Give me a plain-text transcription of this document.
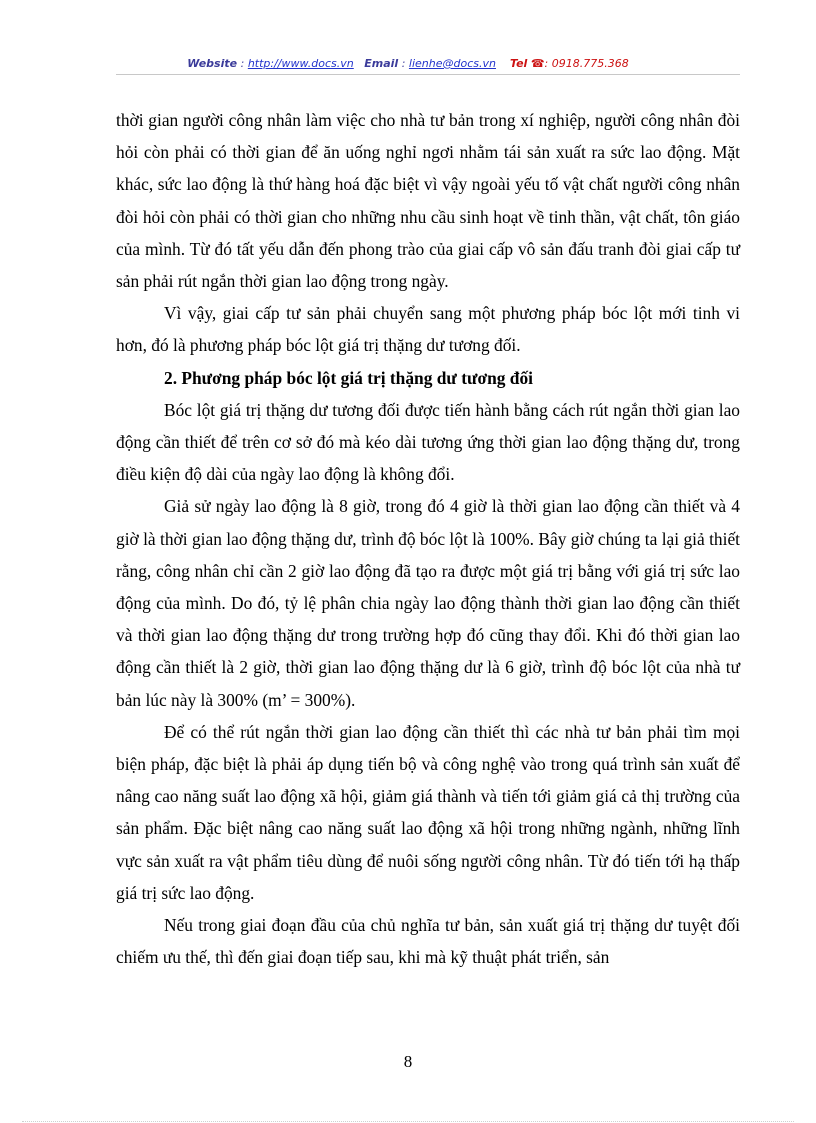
Website : http://www.docs.vn Email : lienhe@docs.vn Tel ☎: 0918.775.368

thời gian người công nhân làm việc cho nhà tư bản trong xí nghiệp, người công nhân đòi hỏi còn phải có thời gian để ăn uống nghỉ ngơi nhằm tái sản xuất ra sức lao động. Mặt khác, sức lao động là thứ hàng hoá đặc biệt vì vậy ngoài yếu tố vật chất người công nhân đòi hỏi còn phải có thời gian cho những nhu cầu sinh hoạt về tinh thần, vật chất, tôn giáo của mình. Từ đó tất yếu dẫn đến phong trào của giai cấp vô sản đấu tranh đòi giai cấp tư sản phải rút ngắn thời gian lao động trong ngày.

Vì vậy, giai cấp tư sản phải chuyển sang một phương pháp bóc lột mới tinh vi hơn, đó là phương pháp bóc lột giá trị thặng dư tương đối.

2. Phương pháp bóc lột giá trị thặng dư tương đối

Bóc lột giá trị thặng dư tương đối được tiến hành bằng cách rút ngắn thời gian lao động cần thiết để trên cơ sở đó mà kéo dài tương ứng thời gian lao động thặng dư, trong điều kiện độ dài của ngày lao động là không đổi.

Giả sử ngày lao động là 8 giờ, trong đó 4 giờ là thời gian lao động cần thiết và 4 giờ là thời gian lao động thặng dư, trình độ bóc lột là 100%. Bây giờ chúng ta lại giả thiết rằng, công nhân chỉ cần 2 giờ lao động đã tạo ra được một giá trị bằng với giá trị sức lao động của mình. Do đó, tỷ lệ phân chia ngày lao động thành thời gian lao động cần thiết và thời gian lao động thặng dư trong trường hợp đó cũng thay đổi. Khi đó thời gian lao động cần thiết là 2 giờ, thời gian lao động thặng dư là 6 giờ, trình độ bóc lột của nhà tư bản lúc này là 300% (m’ = 300%).

Để có thể rút ngắn thời gian lao động cần thiết thì các nhà tư bản phải tìm mọi biện pháp, đặc biệt là phải áp dụng tiến bộ và công nghệ vào trong quá trình sản xuất để nâng cao năng suất lao động xã hội, giảm giá thành và tiến tới giảm giá cả thị trường của sản phẩm. Đặc biệt nâng cao năng suất lao động xã hội trong những ngành, những lĩnh vực sản xuất ra vật phẩm tiêu dùng để nuôi sống người công nhân. Từ đó tiến tới hạ thấp giá trị sức lao động.

Nếu trong giai đoạn đầu của chủ nghĩa tư bản, sản xuất giá trị thặng dư tuyệt đối chiếm ưu thế, thì đến giai đoạn tiếp sau, khi mà kỹ thuật phát triển, sản

8
